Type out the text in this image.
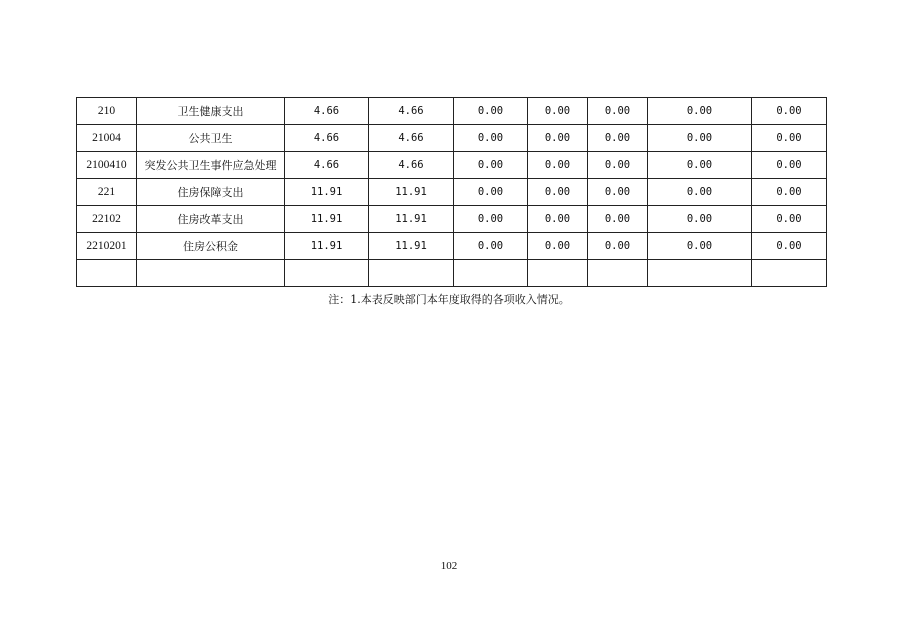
210	卫生健康支出	4.66	4.66	0.00	0.00	0.00	0.00	0.00
21004	公共卫生	4.66	4.66	0.00	0.00	0.00	0.00	0.00
2100410	突发公共卫生事件应急处理	4.66	4.66	0.00	0.00	0.00	0.00	0.00
221	住房保障支出	11.91	11.91	0.00	0.00	0.00	0.00	0.00
22102	住房改革支出	11.91	11.91	0.00	0.00	0.00	0.00	0.00
2210201	住房公积金	11.91	11.91	0.00	0.00	0.00	0.00	0.00

注：1.本表反映部门本年度取得的各项收入情况。
102
